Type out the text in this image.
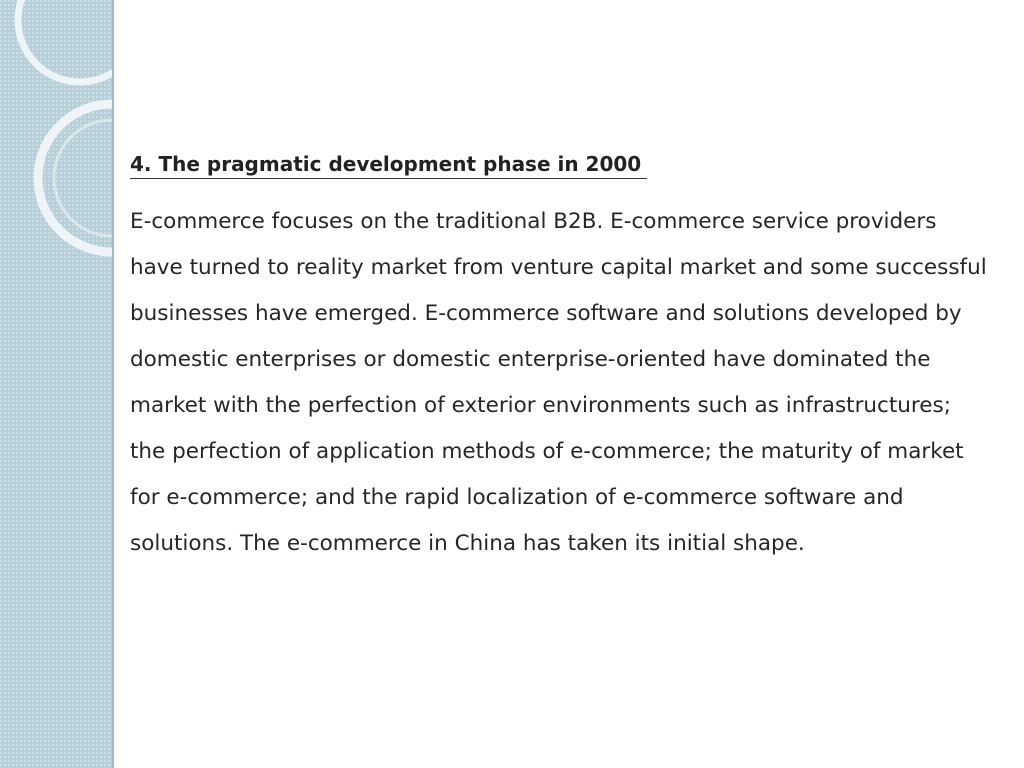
4. The pragmatic development phase in 2000

E-commerce focuses on the traditional B2B. E-commerce service providers have turned to reality market from venture capital market and some successful businesses have emerged. E-commerce software and solutions developed by domestic enterprises or domestic enterprise-oriented have dominated the market with the perfection of exterior environments such as infrastructures; the perfection of application methods of e-commerce; the maturity of market for e-commerce; and the rapid localization of e-commerce software and solutions. The e-commerce in China has taken its initial shape.
